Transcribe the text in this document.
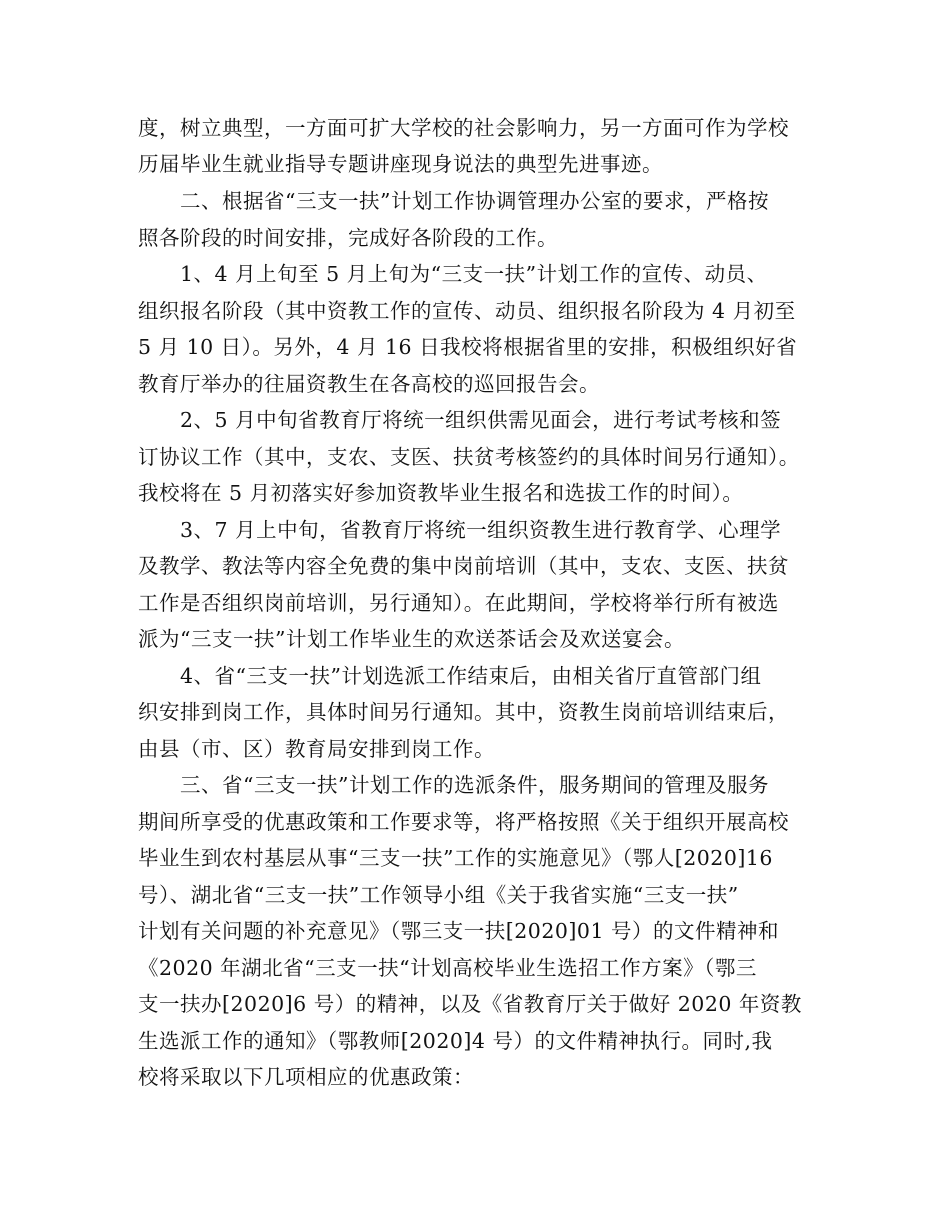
度，树立典型，一方面可扩大学校的社会影响力，另一方面可作为学校
历届毕业生就业指导专题讲座现身说法的典型先进事迹。
二、根据省“三支一扶”计划工作协调管理办公室的要求，严格按
照各阶段的时间安排，完成好各阶段的工作。
1、4 月上旬至 5 月上旬为“三支一扶”计划工作的宣传、动员、
组织报名阶段（其中资教工作的宣传、动员、组织报名阶段为 4 月初至
5 月 10 日）。另外，4 月 16 日我校将根据省里的安排，积极组织好省
教育厅举办的往届资教生在各高校的巡回报告会。
2、5 月中旬省教育厅将统一组织供需见面会，进行考试考核和签
订协议工作（其中，支农、支医、扶贫考核签约的具体时间另行通知）。
我校将在 5 月初落实好参加资教毕业生报名和选拔工作的时间）。
3、7 月上中旬，省教育厅将统一组织资教生进行教育学、心理学
及教学、教法等内容全免费的集中岗前培训（其中，支农、支医、扶贫
工作是否组织岗前培训，另行通知）。在此期间，学校将举行所有被选
派为“三支一扶”计划工作毕业生的欢送茶话会及欢送宴会。
4、省“三支一扶”计划选派工作结束后，由相关省厅直管部门组
织安排到岗工作，具体时间另行通知。其中，资教生岗前培训结束后，
由县（市、区）教育局安排到岗工作。
三、省“三支一扶”计划工作的选派条件，服务期间的管理及服务
期间所享受的优惠政策和工作要求等，将严格按照《关于组织开展高校
毕业生到农村基层从事“三支一扶”工作的实施意见》（鄂人[2020]16
号）、湖北省“三支一扶”工作领导小组《关于我省实施“三支一扶”
计划有关问题的补充意见》（鄂三支一扶[2020]01 号）的文件精神和
《2020 年湖北省“三支一扶“计划高校毕业生选招工作方案》（鄂三
支一扶办[2020]6 号）的精神，以及《省教育厅关于做好 2020 年资教
生选派工作的通知》（鄂教师[2020]4 号）的文件精神执行。同时,我
校将采取以下几项相应的优惠政策：
